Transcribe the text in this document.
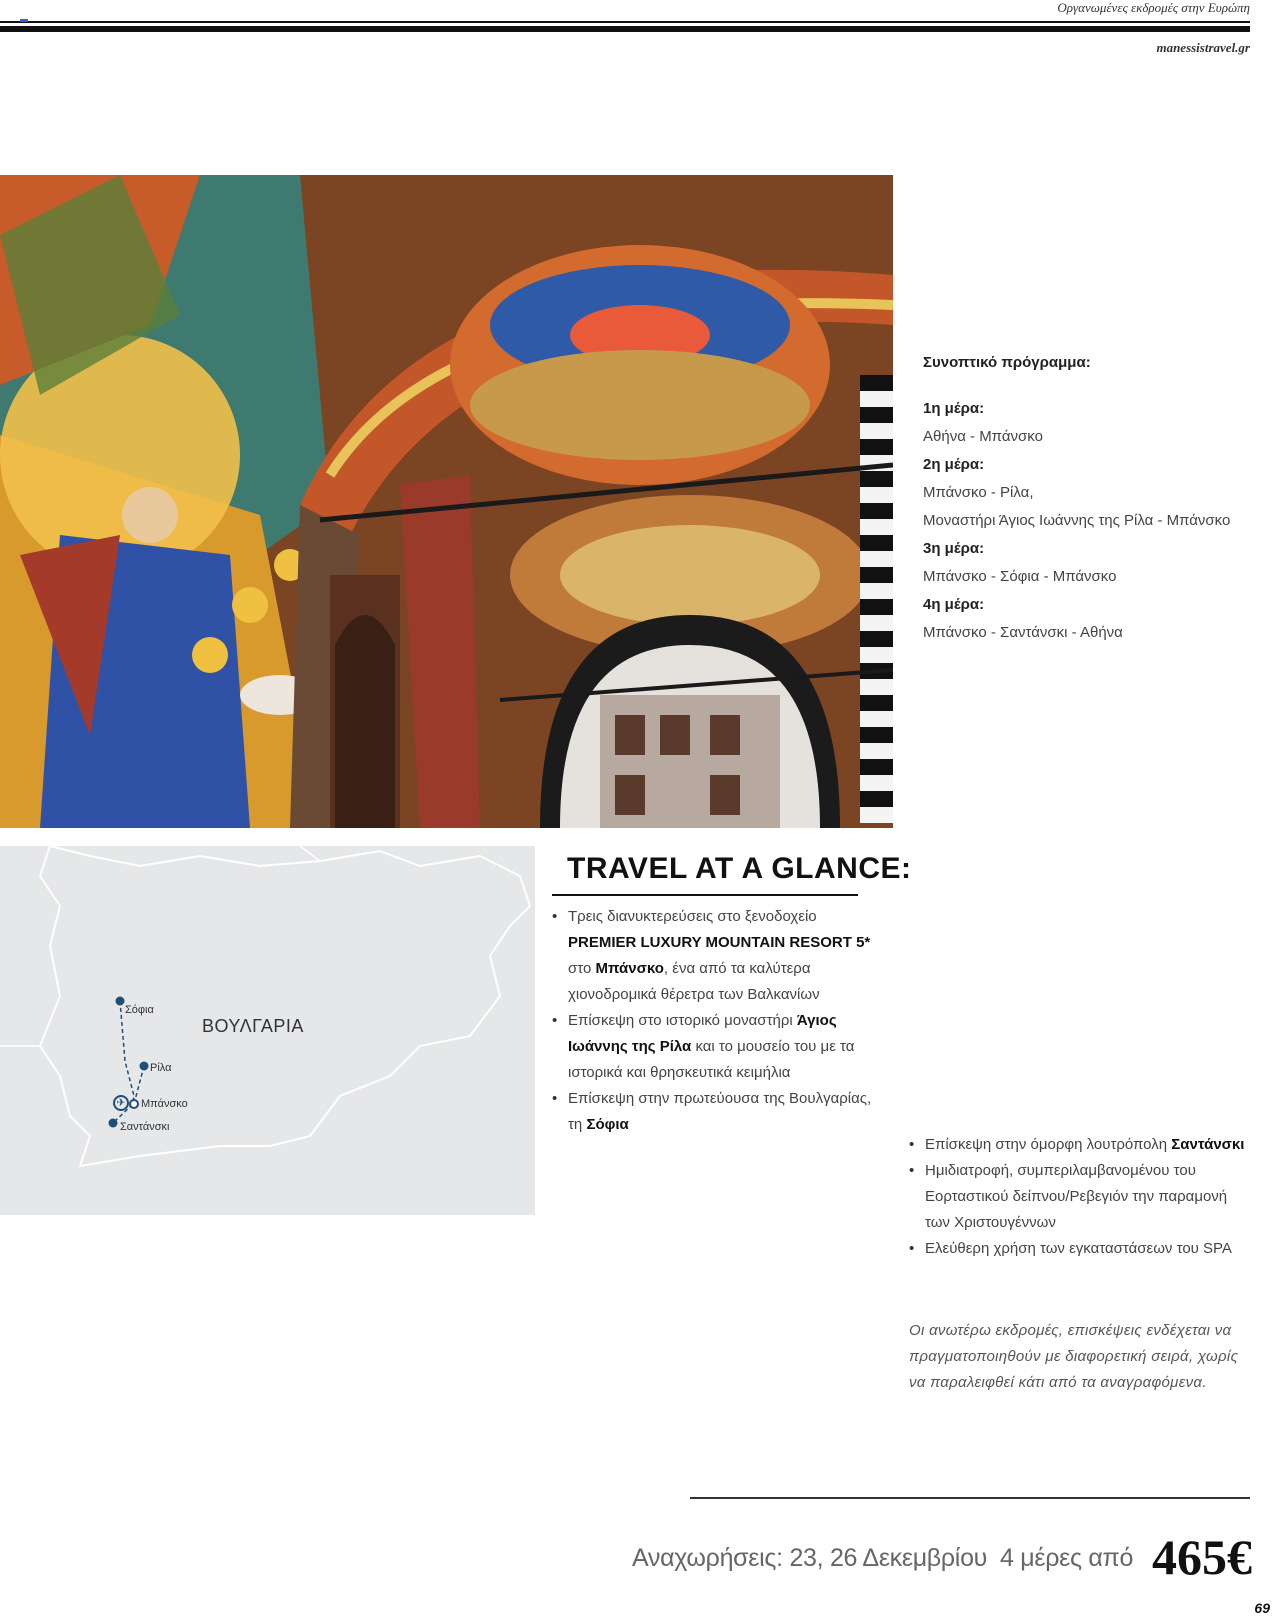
Οργανωμένες εκδρομές στην Ευρώπη
manessistravel.gr
Συνοπτικό πρόγραμμα:
1η μέρα:
Αθήνα - Μπάνσκο
2η μέρα:
Μπάνσκο - Ρίλα,
Μοναστήρι Άγιος Ιωάννης της Ρίλα - Μπάνσκο
3η μέρα:
Μπάνσκο - Σόφια - Μπάνσκο
4η μέρα:
Μπάνσκο - Σαντάνσκι - Αθήνα
✈
ΒΟΥΛΓΑΡΙΑ
Σόφια
Ρίλα
Μπάνσκο
Σαντάνσκι
TRAVEL AT A GLANCE:
• Τρεις διανυκτερεύσεις στο ξενοδοχείο
PREMIER LUXURY MOUNTAIN RESORT 5*
στο Μπάνσκο, ένα από τα καλύτερα χιονοδρομικά θέρετρα των Βαλκανίων
• Επίσκεψη στο ιστορικό μοναστήρι Άγιος Ιωάννης της Ρίλα και το μουσείο του με τα ιστορικά και θρησκευτικά κειμήλια
• Επίσκεψη στην πρωτεύουσα της Βουλγαρίας, τη Σόφια
• Επίσκεψη στην όμορφη λουτρόπολη Σαντάνσκι
• Ημιδιατροφή, συμπεριλαμβανομένου του Εορταστικού δείπνου/Ρεβεγιόν την παραμονή των Χριστουγέννων
• Ελεύθερη χρήση των εγκαταστάσεων του SPA
Οι ανωτέρω εκδρομές, επισκέψεις ενδέχεται να πραγματοποιηθούν με διαφορετική σειρά, χωρίς να παραλειφθεί κάτι από τα αναγραφόμενα.
Αναχωρήσεις: 23, 26 Δεκεμβρίου 4 μέρες από 465€
69
